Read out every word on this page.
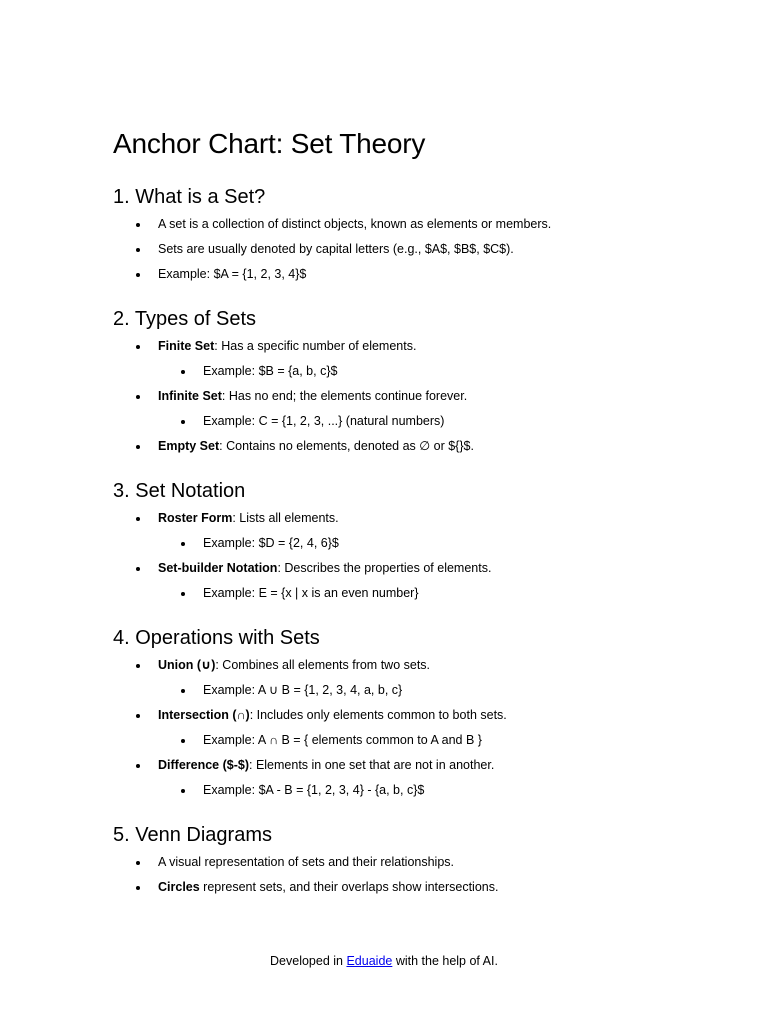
Anchor Chart: Set Theory
1. What is a Set?
A set is a collection of distinct objects, known as elements or members.
Sets are usually denoted by capital letters (e.g., $A$, $B$, $C$).
Example: $A = {1, 2, 3, 4}$
2. Types of Sets
Finite Set: Has a specific number of elements.
Example: $B = {a, b, c}$
Infinite Set: Has no end; the elements continue forever.
Example: C = {1, 2, 3, ...} (natural numbers)
Empty Set: Contains no elements, denoted as ∅ or ${}$.
3. Set Notation
Roster Form: Lists all elements.
Example: $D = {2, 4, 6}$
Set-builder Notation: Describes the properties of elements.
Example: E = {x | x is an even number}
4. Operations with Sets
Union (∪): Combines all elements from two sets.
Example: A ∪ B = {1, 2, 3, 4, a, b, c}
Intersection (∩): Includes only elements common to both sets.
Example: A ∩ B = { elements common to A and B }
Difference ($-$): Elements in one set that are not in another.
Example: $A - B = {1, 2, 3, 4} - {a, b, c}$
5. Venn Diagrams
A visual representation of sets and their relationships.
Circles represent sets, and their overlaps show intersections.
Developed in Eduaide with the help of AI.
